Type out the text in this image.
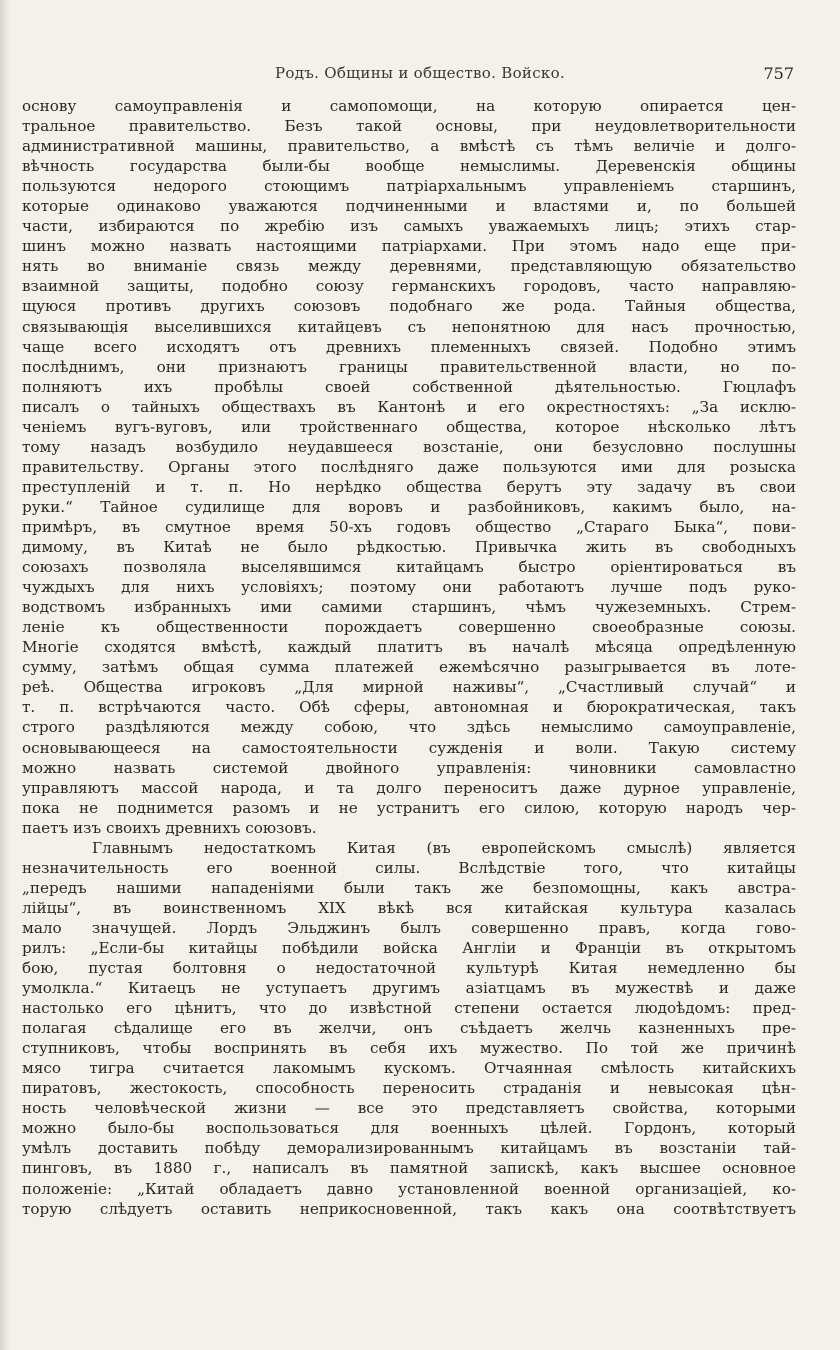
Родъ. Общины и общество. Войско.	757
основу самоуправленія и самопомощи, на которую опирается цен-
тральное правительство. Безъ такой основы, при неудовлетворительности
административной машины, правительство, а вмѣстѣ съ тѣмъ величіе и долго-
вѣчность государства были-бы вообще немыслимы. Деревенскія общины
пользуются недорого стоющимъ патріархальнымъ управленіемъ старшинъ,
которые одинаково уважаются подчиненными и властями и, по большей
части, избираются по жребію изъ самыхъ уважаемыхъ лицъ; этихъ стар-
шинъ можно назвать настоящими патріархами. При этомъ надо еще при-
нять во вниманіе связь между деревнями, представляющую обязательство
взаимной защиты, подобно союзу германскихъ городовъ, часто направляю-
щуюся противъ другихъ союзовъ подобнаго же рода. Тайныя общества,
связывающія выселившихся китайцевъ съ непонятною для насъ прочностью,
чаще всего исходятъ отъ древнихъ племенныхъ связей. Подобно этимъ
послѣднимъ, они признаютъ границы правительственной власти, но по-
полняютъ ихъ пробѣлы своей собственной дѣятельностью. Гюцлафъ
писалъ о тайныхъ обществахъ въ Кантонѣ и его окрестностяхъ: „За исклю-
ченіемъ вугъ-вуговъ, или тройственнаго общества, которое нѣсколько лѣтъ
тому назадъ возбудило неудавшееся возстаніе, они безусловно послушны
правительству. Органы этого послѣдняго даже пользуются ими для розыска
преступленій и т. п. Но нерѣдко общества берутъ эту задачу въ свои
руки.“ Тайное судилище для воровъ и разбойниковъ, какимъ было, на-
примѣръ, въ смутное время 50-хъ годовъ общество „Стараго Быка“, пови-
димому, въ Китаѣ не было рѣдкостью. Привычка жить въ свободныхъ
союзахъ позволяла выселявшимся китайцамъ быстро оріентироваться въ
чуждыхъ для нихъ условіяхъ; поэтому они работаютъ лучше подъ руко-
водствомъ избранныхъ ими самими старшинъ, чѣмъ чужеземныхъ. Стрем-
леніе къ общественности порождаетъ совершенно своеобразные союзы.
Многіе сходятся вмѣстѣ, каждый платитъ въ началѣ мѣсяца опредѣленную
сумму, затѣмъ общая сумма платежей ежемѣсячно разыгрывается въ лоте-
реѣ. Общества игроковъ „Для мирной наживы“, „Счастливый случай“ и
т. п. встрѣчаются часто. Обѣ сферы, автономная и бюрократическая, такъ
строго раздѣляются между собою, что здѣсь немыслимо самоуправленіе,
основывающееся на самостоятельности сужденія и воли. Такую систему
можно назвать системой двойного управленія: чиновники самовластно
управляютъ массой народа, и та долго переноситъ даже дурное управленіе,
пока не поднимется разомъ и не устранитъ его силою, которую народъ чер-
паетъ изъ своихъ древнихъ союзовъ.
Главнымъ недостаткомъ Китая (въ европейскомъ смыслѣ) является
незначительность его военной силы. Вслѣдствіе того, что китайцы
„передъ нашими нападеніями были такъ же безпомощны, какъ австра-
лійцы“, въ воинственномъ XIX вѣкѣ вся китайская культура казалась
мало значущей. Лордъ Эльджинъ былъ совершенно правъ, когда гово-
рилъ: „Если-бы китайцы побѣдили войска Англіи и Франціи въ открытомъ
бою, пустая болтовня о недостаточной культурѣ Китая немедленно бы
умолкла.“ Китаецъ не уступаетъ другимъ азіатцамъ въ мужествѣ и даже
настолько его цѣнитъ, что до извѣстной степени остается людоѣдомъ: пред-
полагая сѣдалище его въ желчи, онъ съѣдаетъ желчь казненныхъ пре-
ступниковъ, чтобы воспринять въ себя ихъ мужество. По той же причинѣ
мясо тигра считается лакомымъ кускомъ. Отчаянная смѣлость китайскихъ
пиратовъ, жестокость, способность переносить страданія и невысокая цѣн-
ность человѣческой жизни — все это представляетъ свойства, которыми
можно было-бы воспользоваться для военныхъ цѣлей. Гордонъ, который
умѣлъ доставить побѣду деморализированнымъ китайцамъ въ возстаніи тай-
пинговъ, въ 1880 г., написалъ въ памятной запискѣ, какъ высшее основное
положеніе: „Китай обладаетъ давно установленной военной организаціей, ко-
торую слѣдуетъ оставить неприкосновенной, такъ какъ она соотвѣтствуетъ
